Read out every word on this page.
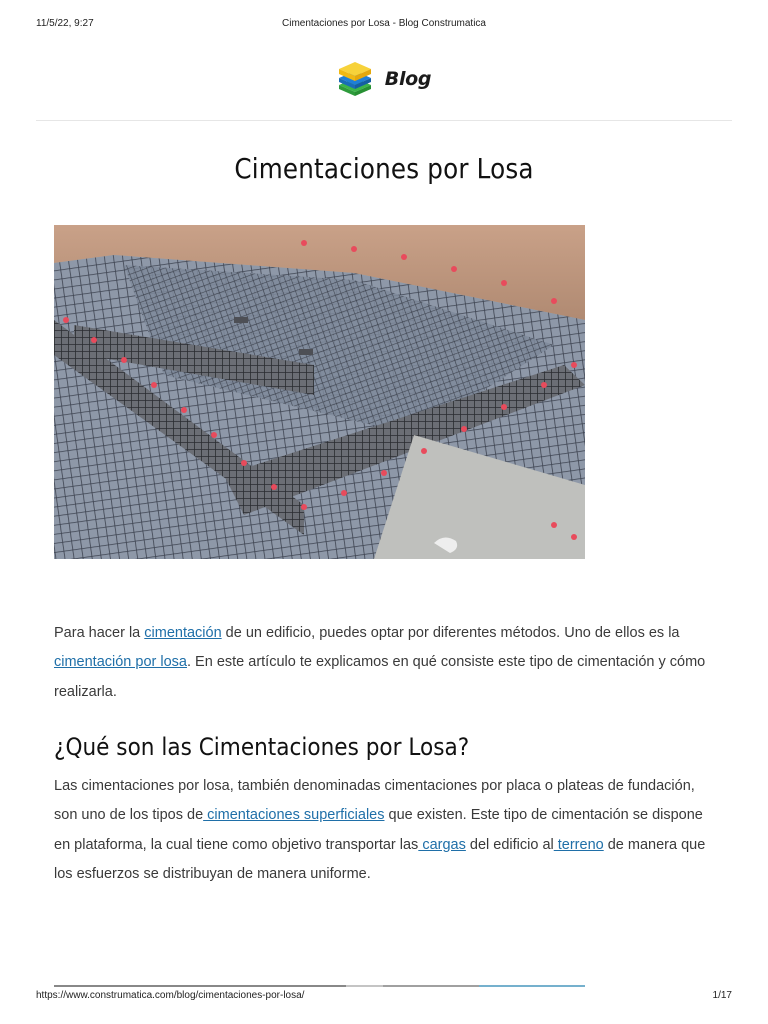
11/5/22, 9:27	Cimentaciones por Losa - Blog Construmatica
Blog
Cimentaciones por Losa

Para hacer la cimentación de un edificio, puedes optar por diferentes métodos. Uno de ellos es la cimentación por losa. En este artículo te explicamos en qué consiste este tipo de cimentación y cómo realizarla.

¿Qué son las Cimentaciones por Losa?

Las cimentaciones por losa, también denominadas cimentaciones por placa o plateas de fundación, son uno de los tipos de cimentaciones superficiales que existen. Este tipo de cimentación se dispone en plataforma, la cual tiene como objetivo transportar las cargas del edificio al terreno de manera que los esfuerzos se distribuyan de manera uniforme.

https://www.construmatica.com/blog/cimentaciones-por-losa/	1/17
